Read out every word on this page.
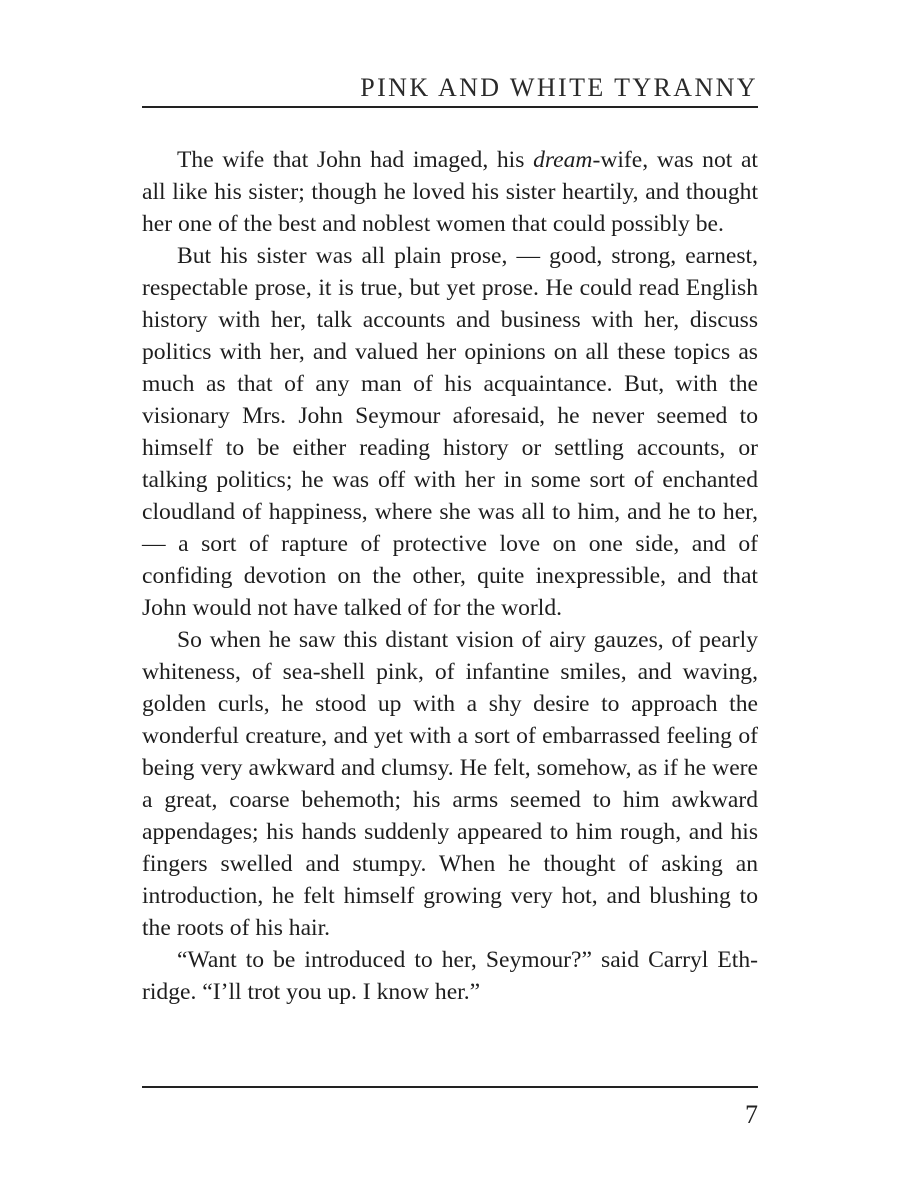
PINK AND WHITE TYRANNY

The wife that John had imaged, his dream-wife, was not at all like his sister; though he loved his sister heartily, and thought her one of the best and noblest women that could possibly be.

But his sister was all plain prose, — good, strong, earnest, respectable prose, it is true, but yet prose. He could read English history with her, talk accounts and business with her, discuss politics with her, and valued her opinions on all these topics as much as that of any man of his acquaintance. But, with the visionary Mrs. John Seymour aforesaid, he never seemed to himself to be either reading history or settling accounts, or talking politics; he was off with her in some sort of enchanted cloudland of happiness, where she was all to him, and he to her, — a sort of rapture of protective love on one side, and of confiding devotion on the other, quite inexpressible, and that John would not have talked of for the world.

So when he saw this distant vision of airy gauzes, of pearly whiteness, of sea-shell pink, of infantine smiles, and waving, golden curls, he stood up with a shy desire to approach the wonderful creature, and yet with a sort of embarrassed feeling of being very awkward and clumsy. He felt, somehow, as if he were a great, coarse behemoth; his arms seemed to him awkward appendages; his hands suddenly appeared to him rough, and his fingers swelled and stumpy. When he thought of asking an introduction, he felt himself growing very hot, and blushing to the roots of his hair.

“Want to be introduced to her, Seymour?” said Carryl Ethridge. “I’ll trot you up. I know her.”

7
